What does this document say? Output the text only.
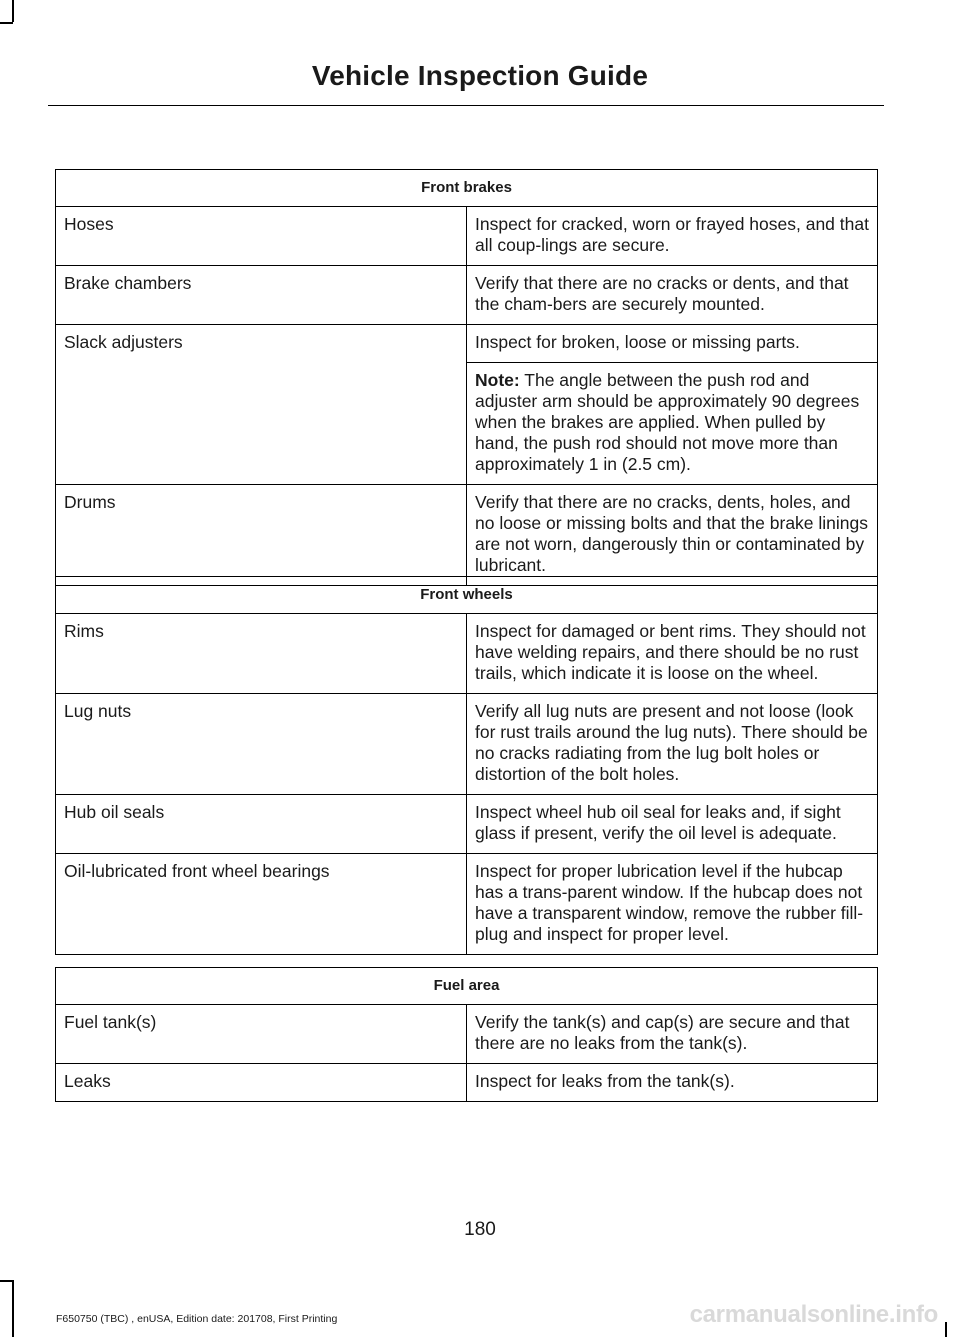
Vehicle Inspection Guide
Front brakes	
Hoses	Inspect for cracked, worn or frayed hoses, and that all coup-lings are secure.
Brake chambers	Verify that there are no cracks or dents, and that the cham-bers are securely mounted.
Slack adjusters	Inspect for broken, loose or missing parts.
	Note: The angle between the push rod and adjuster arm should be approximately 90 degrees when the brakes are applied. When pulled by hand, the push rod should not move more than approximately 1 in (2.5 cm).
Drums	Verify that there are no cracks, dents, holes, and no loose or missing bolts and that the brake linings are not worn, dangerously thin or contaminated by lubricant.
Front wheels	
Rims	Inspect for damaged or bent rims. They should not have welding repairs, and there should be no rust trails, which indicate it is loose on the wheel.
Lug nuts	Verify all lug nuts are present and not loose (look for rust trails around the lug nuts). There should be no cracks radiating from the lug bolt holes or distortion of the bolt holes.
Hub oil seals	Inspect wheel hub oil seal for leaks and, if sight glass if present, verify the oil level is adequate.
Oil-lubricated front wheel bearings	Inspect for proper lubrication level if the hubcap has a trans-parent window. If the hubcap does not have a transparent window, remove the rubber fill-plug and inspect for proper level.
Fuel area	
Fuel tank(s)	Verify the tank(s) and cap(s) are secure and that there are no leaks from the tank(s).
Leaks	Inspect for leaks from the tank(s).
180
F650750 (TBC) , enUSA, Edition date: 201708, First Printing	carmanualsonline.info
